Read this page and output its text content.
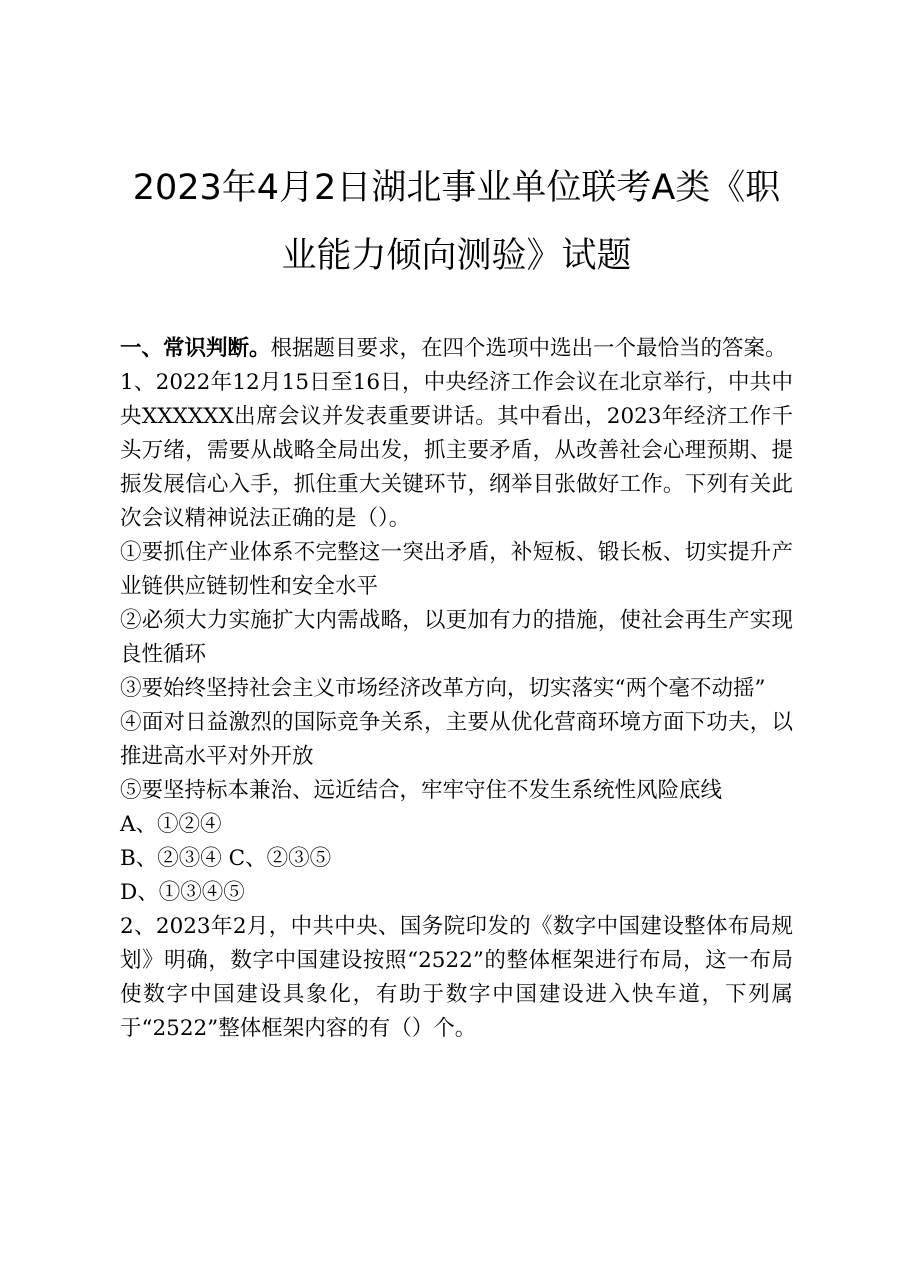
2023年4月2日湖北事业单位联考A类《职
业能力倾向测验》试题

一、常识判断。根据题目要求，在四个选项中选出一个最恰当的答案。

1、2022年12月15日至16日，中央经济工作会议在北京举行，中共中央XXXXXX出席会议并发表重要讲话。其中看出，2023年经济工作千头万绪，需要从战略全局出发，抓主要矛盾，从改善社会心理预期、提振发展信心入手，抓住重大关键环节，纲举目张做好工作。下列有关此次会议精神说法正确的是（）。

①要抓住产业体系不完整这一突出矛盾，补短板、锻长板、切实提升产业链供应链韧性和安全水平

②必须大力实施扩大内需战略，以更加有力的措施，使社会再生产实现良性循环

③要始终坚持社会主义市场经济改革方向，切实落实“两个毫不动摇”

④面对日益激烈的国际竞争关系，主要从优化营商环境方面下功夫，以推进高水平对外开放

⑤要坚持标本兼治、远近结合，牢牢守住不发生系统性风险底线

A、①②④

B、②③④ C、②③⑤

D、①③④⑤

2、2023年2月，中共中央、国务院印发的《数字中国建设整体布局规划》明确，数字中国建设按照“2522”的整体框架进行布局，这一布局使数字中国建设具象化，有助于数字中国建设进入快车道，下列属于“2522”整体框架内容的有（）个。
